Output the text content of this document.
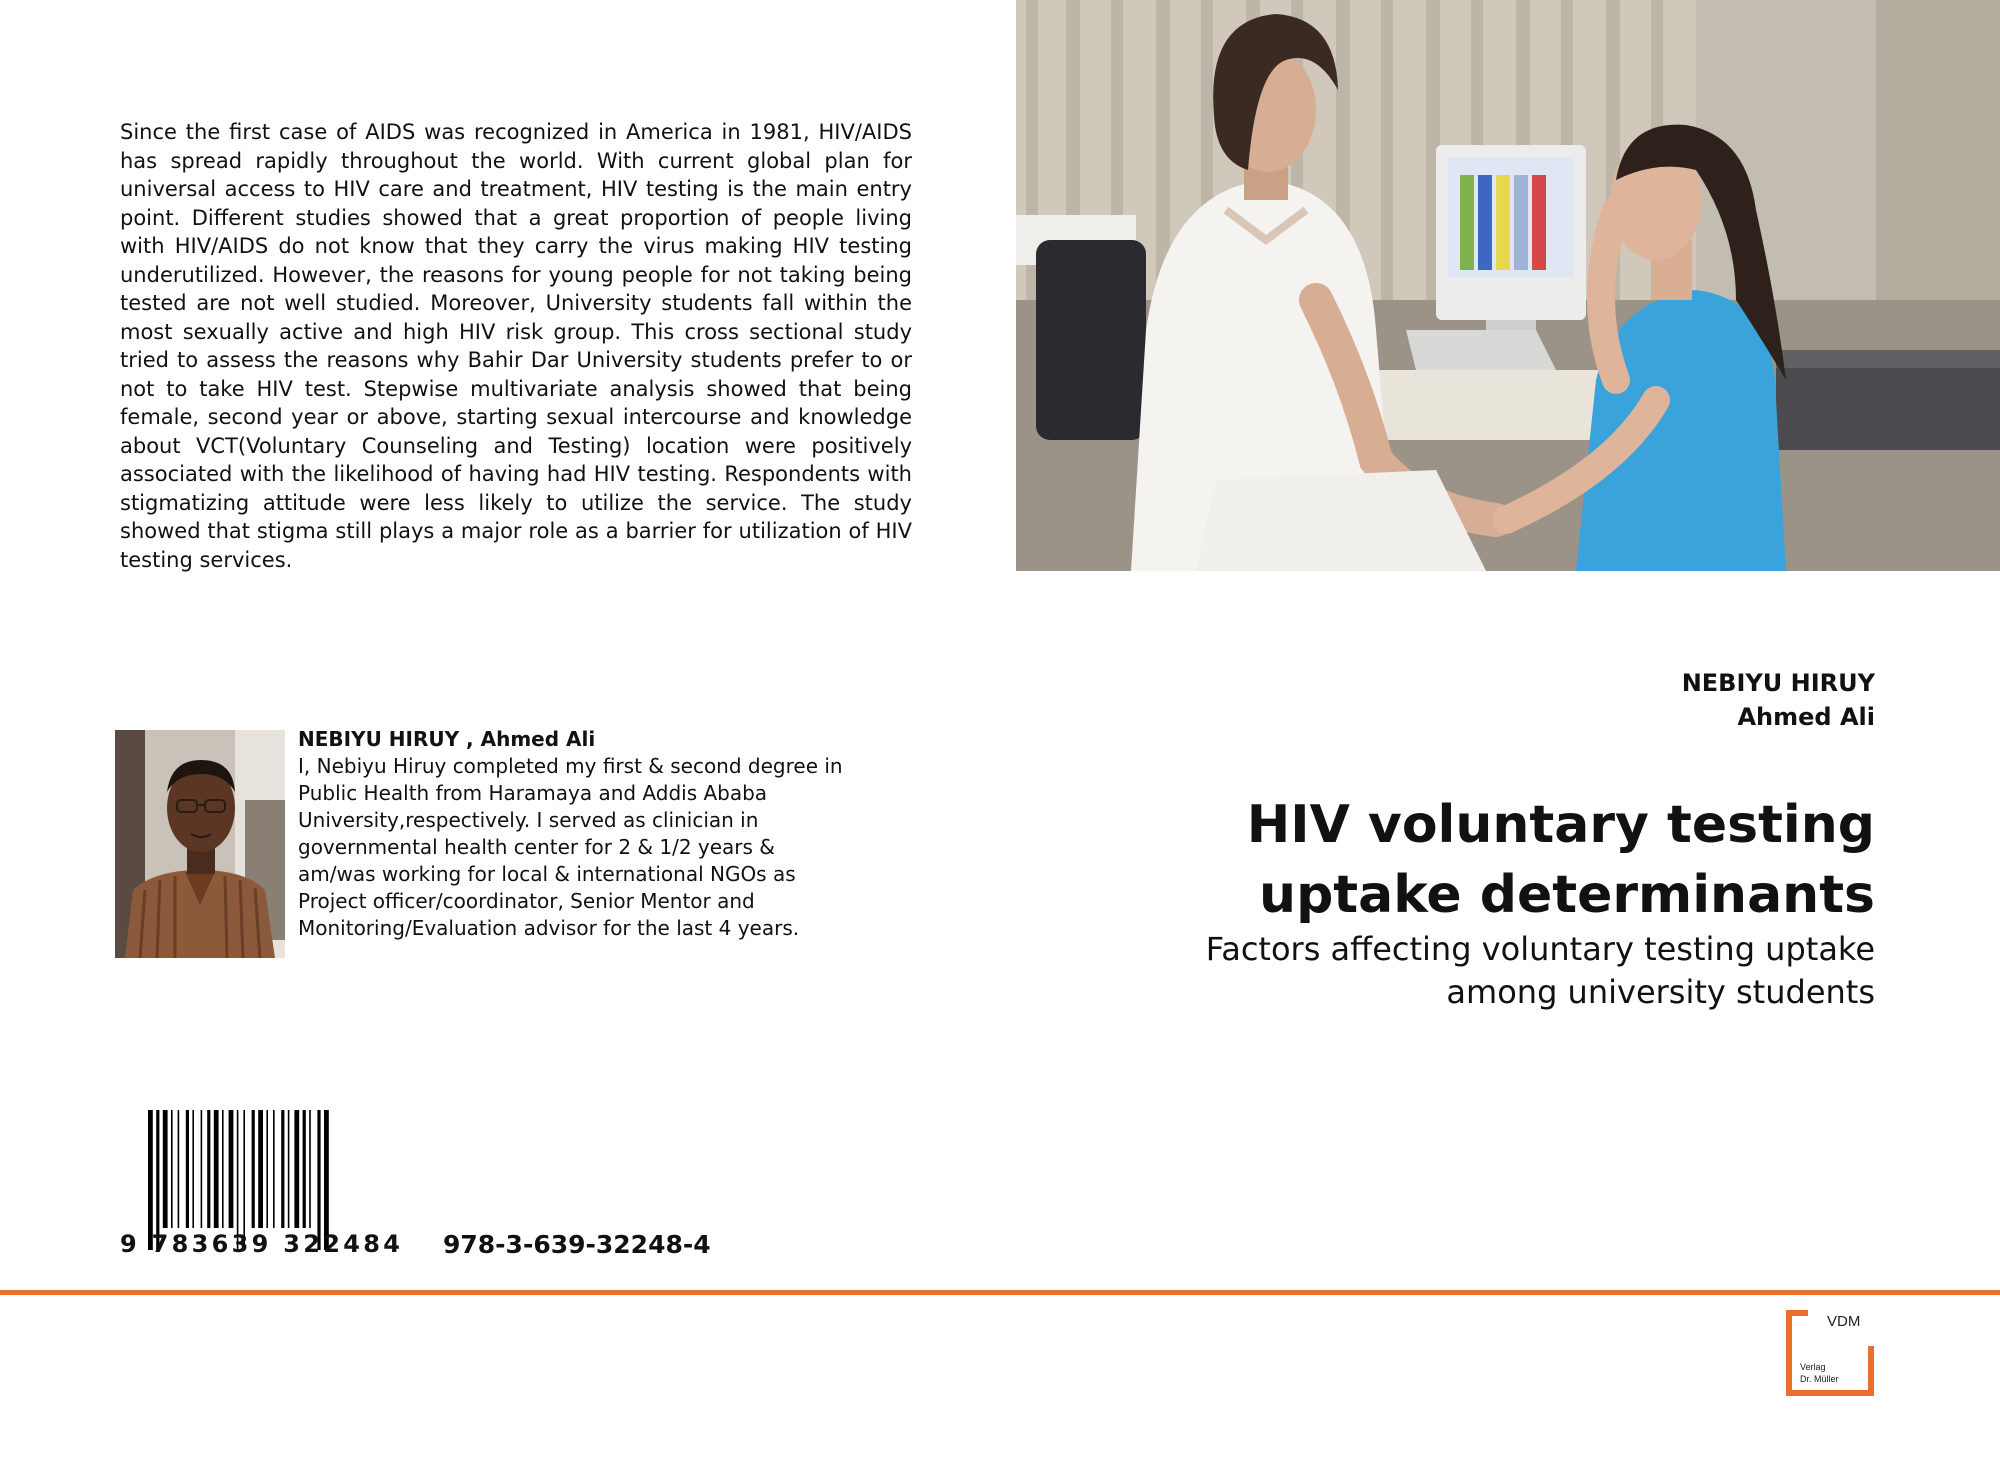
Since the first case of AIDS was recognized in America in 1981, HIV/AIDS has spread rapidly throughout the world. With current global plan for universal access to HIV care and treatment, HIV testing is the main entry point. Different studies showed that a great proportion of people living with HIV/AIDS do not know that they carry the virus making HIV testing underutilized. However, the reasons for young people for not taking being tested are not well studied. Moreover, University students fall within the most sexually active and high HIV risk group. This cross sectional study tried to assess the reasons why Bahir Dar University students prefer to or not to take HIV test. Stepwise multivariate analysis showed that being female, second year or above, starting sexual intercourse and knowledge about VCT(Voluntary Counseling and Testing) location were positively associated with the likelihood of having had HIV testing. Respondents with stigmatizing attitude were less likely to utilize the service. The study showed that stigma still plays a major role as a barrier for utilization of HIV testing services.

NEBIYU HIRUY , Ahmed Ali
I, Nebiyu Hiruy completed my first & second degree in Public Health from Haramaya and Addis Ababa University,respectively. I served as clinician in governmental health center for 2 & 1/2 years & am/was working for local & international NGOs as Project officer/coordinator, Senior Mentor and Monitoring/Evaluation advisor for the last 4 years.
9 783639 322484 978-3-639-32248-4
NEBIYU HIRUY
Ahmed Ali
HIV voluntary testing uptake determinants

Factors affecting voluntary testing uptake among university students

VDM
Verlag
Dr. Müller
